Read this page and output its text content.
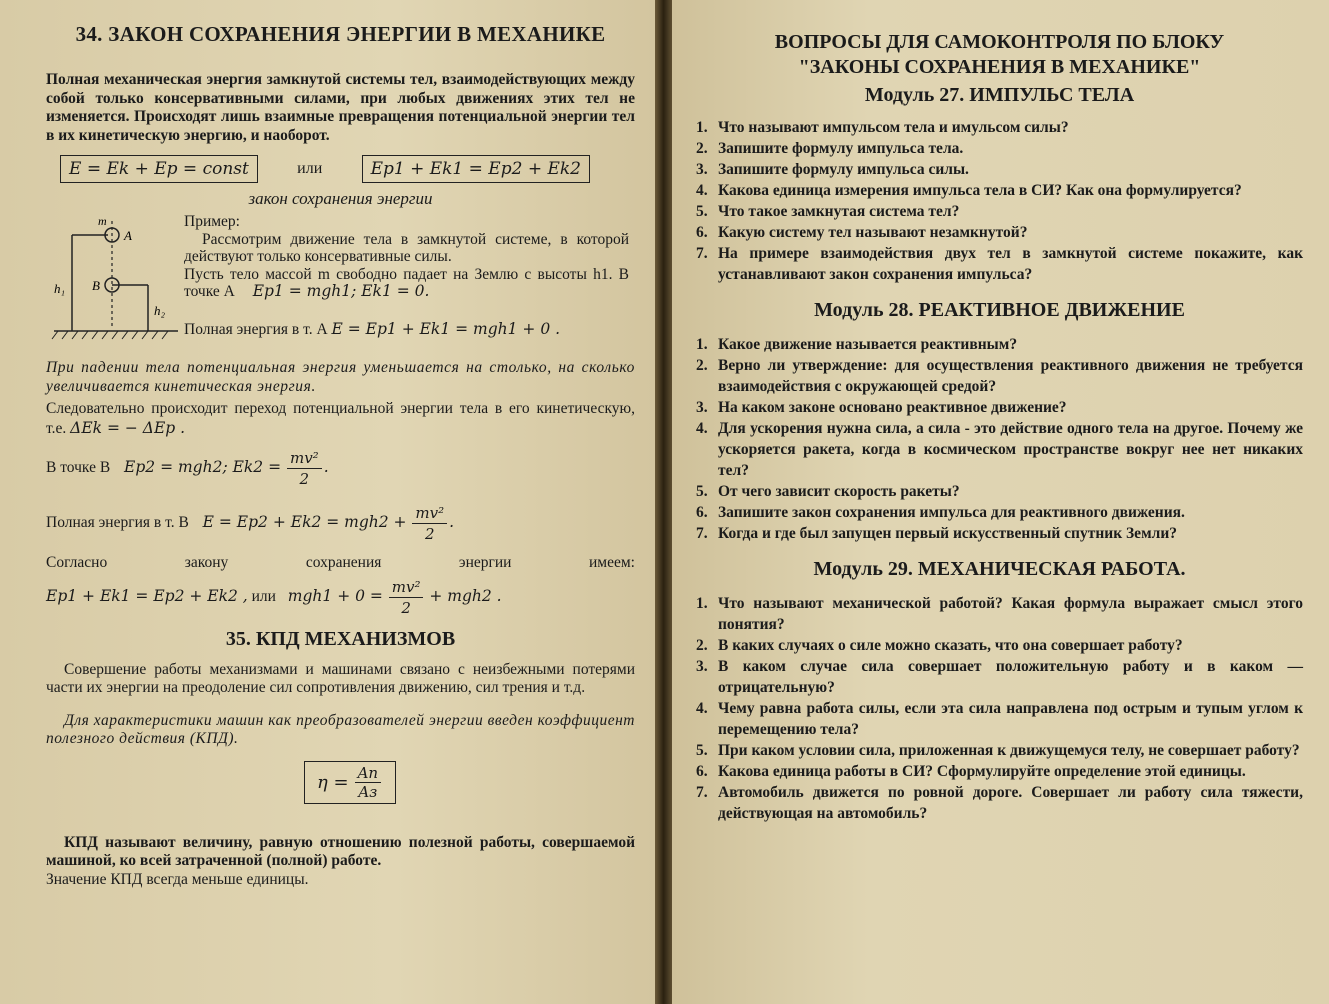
34. ЗАКОН СОХРАНЕНИЯ ЭНЕРГИИ В МЕХАНИКЕ

Полная механическая энергия замкнутой системы тел, взаимодействующих между собой только консервативными силами, при любых движениях этих тел не изменяется. Происходят лишь взаимные превращения потенциальной энергии тел в их кинетическую энергию, и наоборот.

E = Ek + Ep = const	или	Ep1 + Ek1 = Ep2 + Ek2
закон сохранения энергии
m
A
B
h₁
h₂
Пример:
Рассмотрим движение тела в замкнутой системе, в которой действуют только консервативные силы.
Пусть тело массой m свободно падает на Землю с высоты h1. В точке А Ep1 = mgh1; Ek1 = 0.
Полная энергия в т. А E = Ep1 + Ek1 = mgh1 + 0 .

При падении тела потенциальная энергия уменьшается на столько, на сколько увеличивается кинетическая энергия.

Следовательно происходит переход потенциальной энергии тела в его кинетическую, т.е. ΔEk = − ΔEp .

В точке В Ep2 = mgh2; $Ek2 = \frac{\text{mv²}}{2}$ .

Полная энергия в т. В $E = Ep2 + Ek2 = mgh2 + \frac{\text{mv²}}{2}$ .

Согласно закону сохранения энергии имеем:

Ep1 + Ek1 = Ep2 + Ek2 , или $mgh1 + 0 = \frac{\text{mv²}}{2} + mgh2$ .

35. КПД МЕХАНИЗМОВ

Совершение работы механизмами и машинами связано с неизбежными потерями части их энергии на преодоление сил сопротивления движению, сил трения и т.д.

Для характеристики машин как преобразователей энергии введен коэффициент полезного действия (КПД).

$\eta = \frac{Aп}{Aз}$

КПД называют величину, равную отношению полезной работы, совершаемой машиной, ко всей затраченной (полной) работе.

Значение КПД всегда меньше единицы.

ВОПРОСЫ ДЛЯ САМОКОНТРОЛЯ ПО БЛОКУ
"ЗАКОНЫ СОХРАНЕНИЯ В МЕХАНИКЕ"
Модуль 27. ИМПУЛЬС ТЕЛА
1. Что называют импульсом тела и имульсом силы?
2. Запишите формулу импульса тела.
3. Запишите формулу импульса силы.
4. Какова единица измерения импульса тела в СИ? Как она формулируется?
5. Что такое замкнутая система тел?
6. Какую систему тел называют незамкнутой?
7. На примере взаимодействия двух тел в замкнутой системе покажите, как устанавливают закон сохранения импульса?
Модуль 28. РЕАКТИВНОЕ ДВИЖЕНИЕ
1. Какое движение называется реактивным?
2. Верно ли утверждение: для осуществления реактивного движения не требуется взаимодействия с окружающей средой?
3. На каком законе основано реактивное движение?
4. Для ускорения нужна сила, а сила - это действие одного тела на другое. Почему же ускоряется ракета, когда в космическом пространстве вокруг нее нет никаких тел?
5. От чего зависит скорость ракеты?
6. Запишите закон сохранения импульса для реактивного движения.
7. Когда и где был запущен первый искусственный спутник Земли?
Модуль 29. МЕХАНИЧЕСКАЯ РАБОТА.
1. Что называют механической работой? Какая формула выражает смысл этого понятия?
2. В каких случаях о силе можно сказать, что она совершает работу?
3. В каком случае сила совершает положительную работу и в каком — отрицательную?
4. Чему равна работа силы, если эта сила направлена под острым и тупым углом к перемещению тела?
5. При каком условии сила, приложенная к движущемуся телу, не совершает работу?
6. Какова единица работы в СИ? Сформулируйте определение этой единицы.
7. Автомобиль движется по ровной дороге. Совершает ли работу сила тяжести, действующая на автомобиль?
